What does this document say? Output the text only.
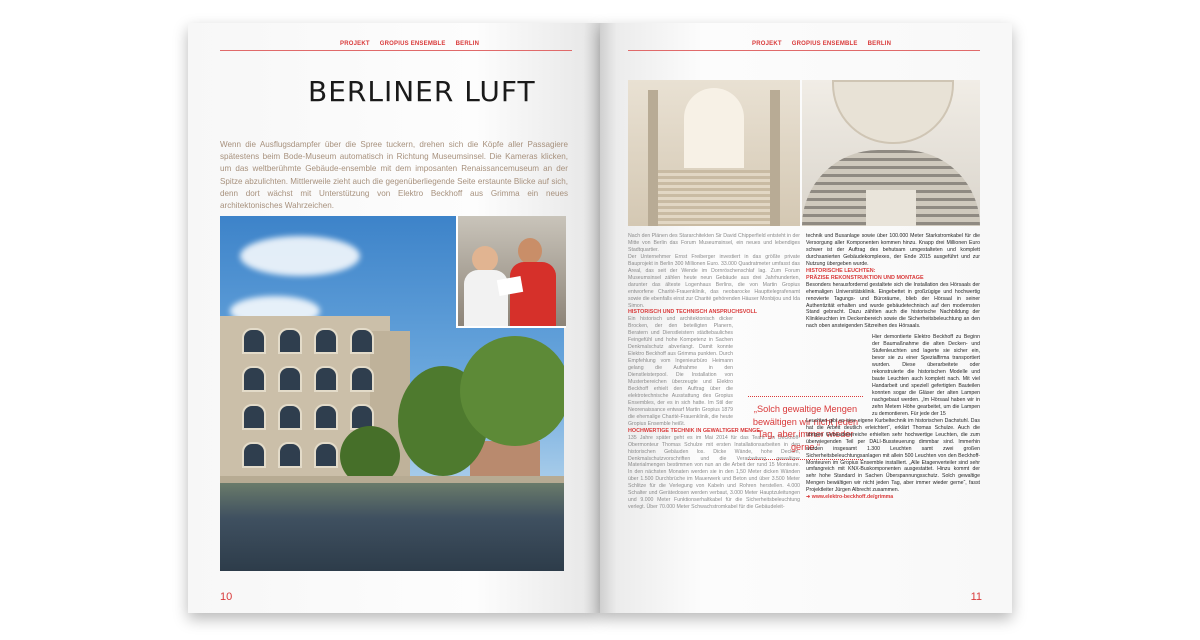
PROJEKT GROPIUS ENSEMBLE BERLIN
BERLINER LUFT
Wenn die Ausflugsdampfer über die Spree tuckern, drehen sich die Köpfe aller Passagiere spätestens beim Bode-Museum automatisch in Richtung Museumsinsel. Die Kameras klicken, um das weltberühmte Gebäude-ensemble mit dem imposanten Renaissancemuseum an der Spitze abzulichten. Mittlerweile zieht auch die gegenüberliegende Seite erstaunte Blicke auf sich, denn dort wächst mit Unterstützung von Elektro Beckhoff aus Grimma ein neues architektonisches Wahrzeichen.
10
PROJEKT GROPIUS ENSEMBLE BERLIN

Nach den Plänen des Stararchitekten Sir David Chipperfield entsteht in der Mitte von Berlin das Forum Museumsinsel, ein neues und lebendiges Stadtquartier.

Der Unternehmer Ernst Freiberger investiert in das größte private Bauprojekt in Berlin 300 Millionen Euro. 33.000 Quadratmeter umfasst das Areal, das seit der Wende im Dornröschenschlaf lag. Zum Forum Museumsinsel zählen heute neun Gebäude aus drei Jahrhunderten, darunter das älteste Logenhaus Berlins, die von Martin Gropius entworfene Charité-Frauenklinik, das neobarocke Haupttelegrafenamt sowie die ebenfalls einst zur Charité gehörenden Häuser Monbijou und Ida Simon.

HISTORISCH UND TECHNISCH ANSPRUCHSVOLL

Ein historisch und architektonisch dicker Brocken, der den beteiligten Planern, Beratern und Dienstleistern städtebauliches Feingefühl und hohe Kompetenz in Sachen Denkmalschutz abverlangt. Damit konnte Elektro Beckhoff aus Grimma punkten. Durch Empfehlung vom Ingenieurbüro Heimann gelang die Aufnahme in den Dienstleisterpool. Die Installation von Musterbereichen überzeugte und Elektro Beckhoff erhielt den Auftrag über die elektrotechnische Ausstattung des Gropius Ensembles, der es in sich hatte. Im Stil der Neorenaissance entwarf Martin Gropius 1879 die ehemalige Charité-Frauenklinik, die heute Gropius Ensemble heißt.

HOCHWERTIGE TECHNIK IN GEWALTIGER MENGE

135 Jahre später geht es im Mai 2014 für das Team um Beckhoff-Obermonteur Thomas Schulze mit ersten Installationsarbeiten in den historischen Gebäuden los. Dicke Wände, hohe Decken, Denkmalschutzvorschriften und die Verarbeitung gewaltiger Materialmengen bestimmen von nun an die Arbeit der rund 15 Monteure. In den nächsten Monaten werden sie in den 1,50 Meter dicken Wänden über 1.500 Durchbrüche im Mauerwerk und Beton und über 3.500 Meter Schlitze für die Verlegung von Kabeln und Rohren herstellen. 4.000 Schalter und Gerätedosen werden verbaut, 3.000 Meter Hauptzuleitungen und 9.000 Meter Funktionserhaltkabel für die Sicherheitsbeleuchtung verlegt. Über 70.000 Meter Schwachstromkabel für die Gebäudeleit-

„Solch gewaltige Mengen bewältigen wir nicht jeden Tag, aber immer wieder gerne.“

technik und Busanlage sowie über 100.000 Meter Starkstromkabel für die Versorgung aller Komponenten kommen hinzu. Knapp drei Millionen Euro schwer ist der Auftrag des behutsam umgestalteten und komplett durchsanierten Gebäudekomplexes, der Ende 2015 ausgeführt und zur Nutzung übergeben wurde.

HISTORISCHE LEUCHTEN:

PRÄZISE REKONSTRUKTION UND MONTAGE

Besonders herausfordernd gestaltete sich die Installation des Hörsaals der ehemaligen Universitätsklinik. Eingebettet in großzügige und hochwertig renovierte Tagungs- und Büroräume, blieb der Hörsaal in seiner Authentizität erhalten und wurde gebäudetechnisch auf den modernsten Stand gebracht. Dazu zählten auch die historische Nachbildung der Klinikleuchten im Deckenbereich sowie die Sicherheitsbeleuchtung an den nach oben ansteigenden Sitzreihen des Hörsaals.

Hier demontierte Elektro Beckhoff zu Beginn der Baumaßnahme die alten Decken- und Stufenleuchten und lagerte sie sicher ein, bevor sie zu einer Spezialfirma transportiert wurden. Diese überarbeitete oder rekonstruierte die historischen Modelle und baute Leuchten auch komplett nach. Mit viel Handarbeit und speziell gefertigten Bauteilen konnten sogar die Gläser der alten Lampen nachgebaut werden. „Im Hörsaal haben wir in zehn Metern Höhe gearbeitet, um die Lampen zu demontieren. Für jede der 15

Leuchten gibt es eine eigene Kurbeltechnik im historischen Dachstuhl. Das hat die Arbeit deutlich erleichtert“, erklärt Thomas Schulze. Auch die übrigen Gebäudebereiche erhielten sehr hochwertige Leuchten, die zum überwiegenden Teil per DALI-Bussteuerung dimmbar sind. Immerhin wurden insgesamt 1.300 Leuchten samt zwei großen Sicherheitsbeleuchtungsanlagen mit allein 500 Leuchten von den Beckhoff-Monteuren im Gropius Ensemble installiert. „Alle Etagenverteiler sind sehr umfangreich mit KNX-Buskomponenten ausgestattet. Hinzu kommt der sehr hohe Standard in Sachen Überspannungsschutz. Solch gewaltige Mengen bewältigen wir nicht jeden Tag, aber immer wieder gerne“, fasst Projektleiter Jürgen Albrecht zusammen.

➜ www.elektro-beckhoff.de/grimma

11
